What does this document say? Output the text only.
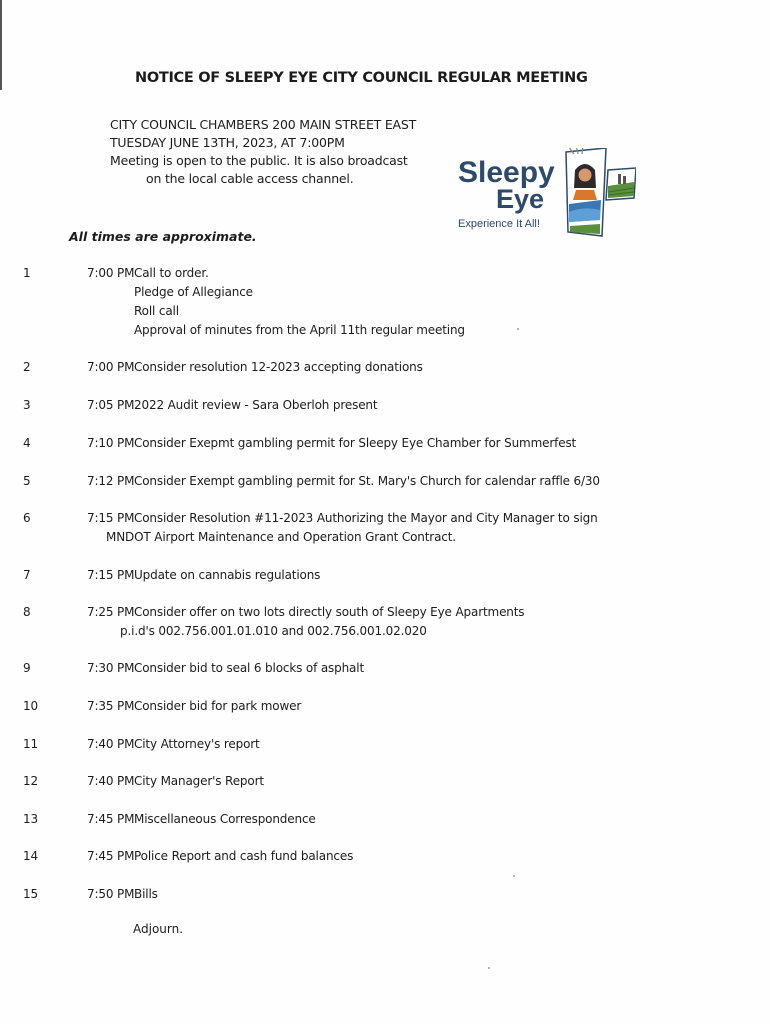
NOTICE OF SLEEPY EYE CITY COUNCIL REGULAR MEETING
CITY COUNCIL CHAMBERS 200 MAIN STREET EAST
TUESDAY JUNE 13TH, 2023, AT 7:00PM
Meeting is open to the public. It is also broadcast
on the local cable access channel.
All times are approximate.
Sleepy
Eye
Experience It All!
1	7:00 PM Call to order.
Pledge of Allegiance
Roll call
Approval of minutes from the April 11th regular meeting
2	7:00 PM Consider resolution 12-2023 accepting donations
3	7:05 PM 2022 Audit review - Sara Oberloh present
4	7:10 PM Consider Exepmt gambling permit for Sleepy Eye Chamber for Summerfest
5	7:12 PM Consider Exempt gambling permit for St. Mary's Church for calendar raffle 6/30
6	7:15 PM Consider Resolution #11-2023 Authorizing the Mayor and City Manager to sign
MNDOT Airport Maintenance and Operation Grant Contract.
7	7:15 PM Update on cannabis regulations
8	7:25 PM Consider offer on two lots directly south of Sleepy Eye Apartments
p.i.d's 002.756.001.01.010 and 002.756.001.02.020
9	7:30 PM Consider bid to seal 6 blocks of asphalt
10	7:35 PM Consider bid for park mower
11	7:40 PM City Attorney's report
12	7:40 PM City Manager's Report
13	7:45 PM Miscellaneous Correspondence
14	7:45 PM Police Report and cash fund balances
15	7:50 PM Bills
Adjourn.
